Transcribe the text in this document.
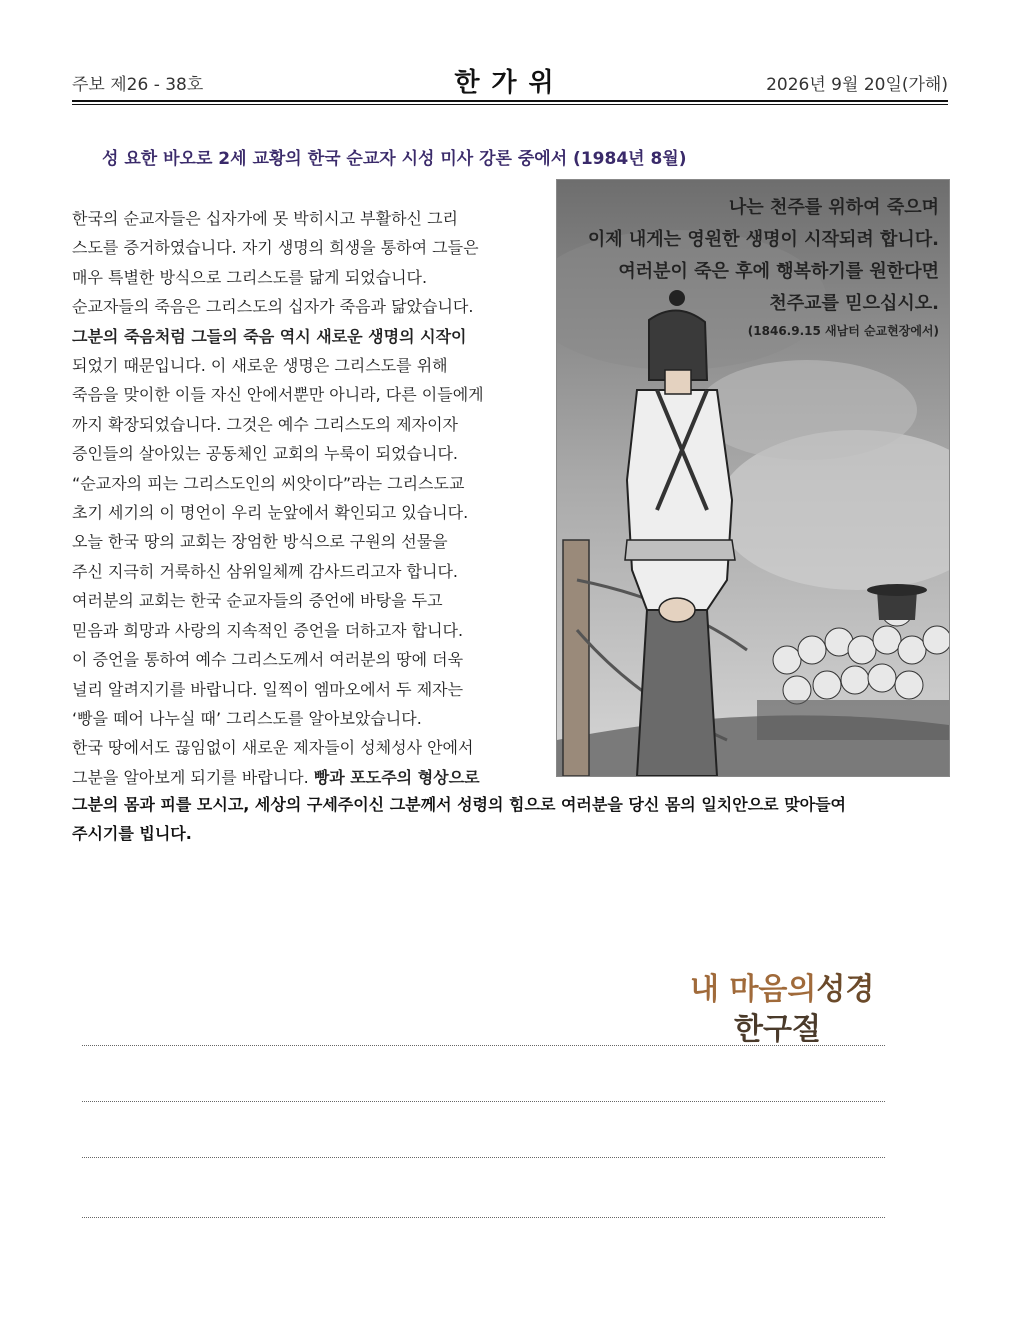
주보 제26 - 38호	한가위	2026년 9월 20일(가해)
성 요한 바오로 2세 교황의 한국 순교자 시성 미사 강론 중에서 (1984년 8월)
한국의 순교자들은 십자가에 못 박히시고 부활하신 그리
스도를 증거하였습니다. 자기 생명의 희생을 통하여 그들은
매우 특별한 방식으로 그리스도를 닮게 되었습니다.
순교자들의 죽음은 그리스도의 십자가 죽음과 닮았습니다.
그분의 죽음처럼 그들의 죽음 역시 새로운 생명의 시작이
되었기 때문입니다. 이 새로운 생명은 그리스도를 위해
죽음을 맞이한 이들 자신 안에서뿐만 아니라, 다른 이들에게
까지 확장되었습니다. 그것은 예수 그리스도의 제자이자
증인들의 살아있는 공동체인 교회의 누룩이 되었습니다.
“순교자의 피는 그리스도인의 씨앗이다”라는 그리스도교
초기 세기의 이 명언이 우리 눈앞에서 확인되고 있습니다.
오늘 한국 땅의 교회는 장엄한 방식으로 구원의 선물을
주신 지극히 거룩하신 삼위일체께 감사드리고자 합니다.
여러분의 교회는 한국 순교자들의 증언에 바탕을 두고
믿음과 희망과 사랑의 지속적인 증언을 더하고자 합니다.
이 증언을 통하여 예수 그리스도께서 여러분의 땅에 더욱
널리 알려지기를 바랍니다. 일찍이 엠마오에서 두 제자는
‘빵을 떼어 나누실 때’ 그리스도를 알아보았습니다.
한국 땅에서도 끊임없이 새로운 제자들이 성체성사 안에서
그분을 알아보게 되기를 바랍니다. 빵과 포도주의 형상으로
그분의 몸과 피를 모시고, 세상의 구세주이신 그분께서 성령의 힘으로 여러분을 당신 몸의 일치안으로 맞아들여
주시기를 빕니다.
나는 천주를 위하여 죽으며
이제 내게는 영원한 생명이 시작되려 합니다.
여러분이 죽은 후에 행복하기를 원한다면
천주교를 믿으십시오.
(1846.9.15 새남터 순교현장에서)
내 마음의성경
한구절
